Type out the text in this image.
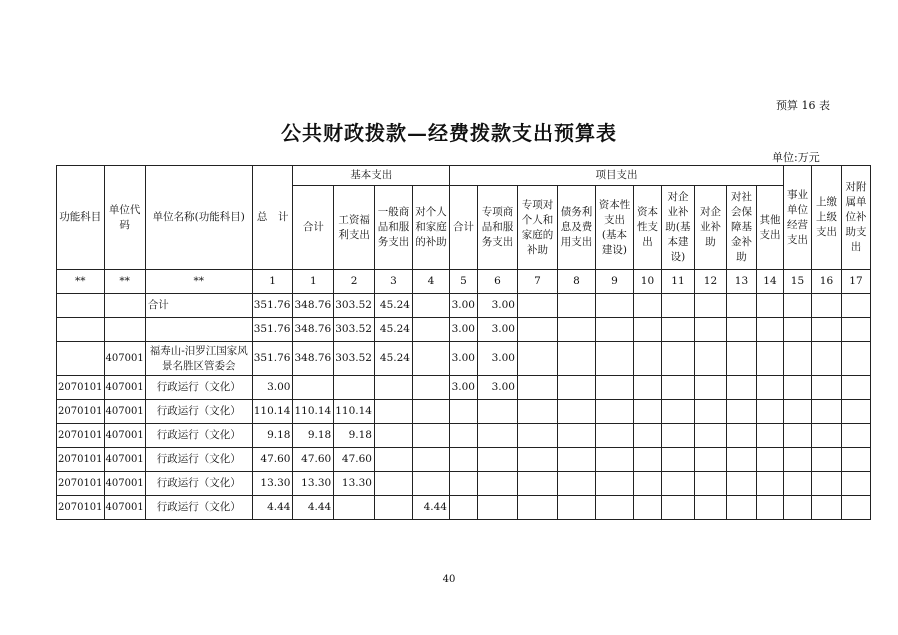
预算 16 表
公共财政拨款—经费拨款支出预算表
单位:万元
功能科目	单位代码	单位名称(功能科目)	总　计	基本支出				项目支出										事业单位经营支出	上缴上级支出	对附属单位补助支出
				合计	工资福利支出	一般商品和服务支出	对个人和家庭的补助	合计	专项商品和服务支出	专项对个人和家庭的补助	债务利息及费用支出	资本性支出(基本建设)	资本性支出	对企业补助(基本建设)	对企业补助	对社会保障基金补助	其他支出			

**	**	**	1	1	2	3	4	5	6	7	8	9	10	11	12	13	14	15	16	17
		合计	351.76	348.76	303.52	45.24		3.00	3.00											
			351.76	348.76	303.52	45.24		3.00	3.00											
	407001	福寿山-汨罗江国家风景名胜区管委会	351.76	348.76	303.52	45.24		3.00	3.00											
2070101	407001	行政运行（文化）	3.00					3.00	3.00											
2070101	407001	行政运行（文化）	110.14	110.14	110.14															
2070101	407001	行政运行（文化）	9.18	9.18	9.18															
2070101	407001	行政运行（文化）	47.60	47.60	47.60															
2070101	407001	行政运行（文化）	13.30	13.30	13.30															
2070101	407001	行政运行（文化）	4.44	4.44			4.44													
40
